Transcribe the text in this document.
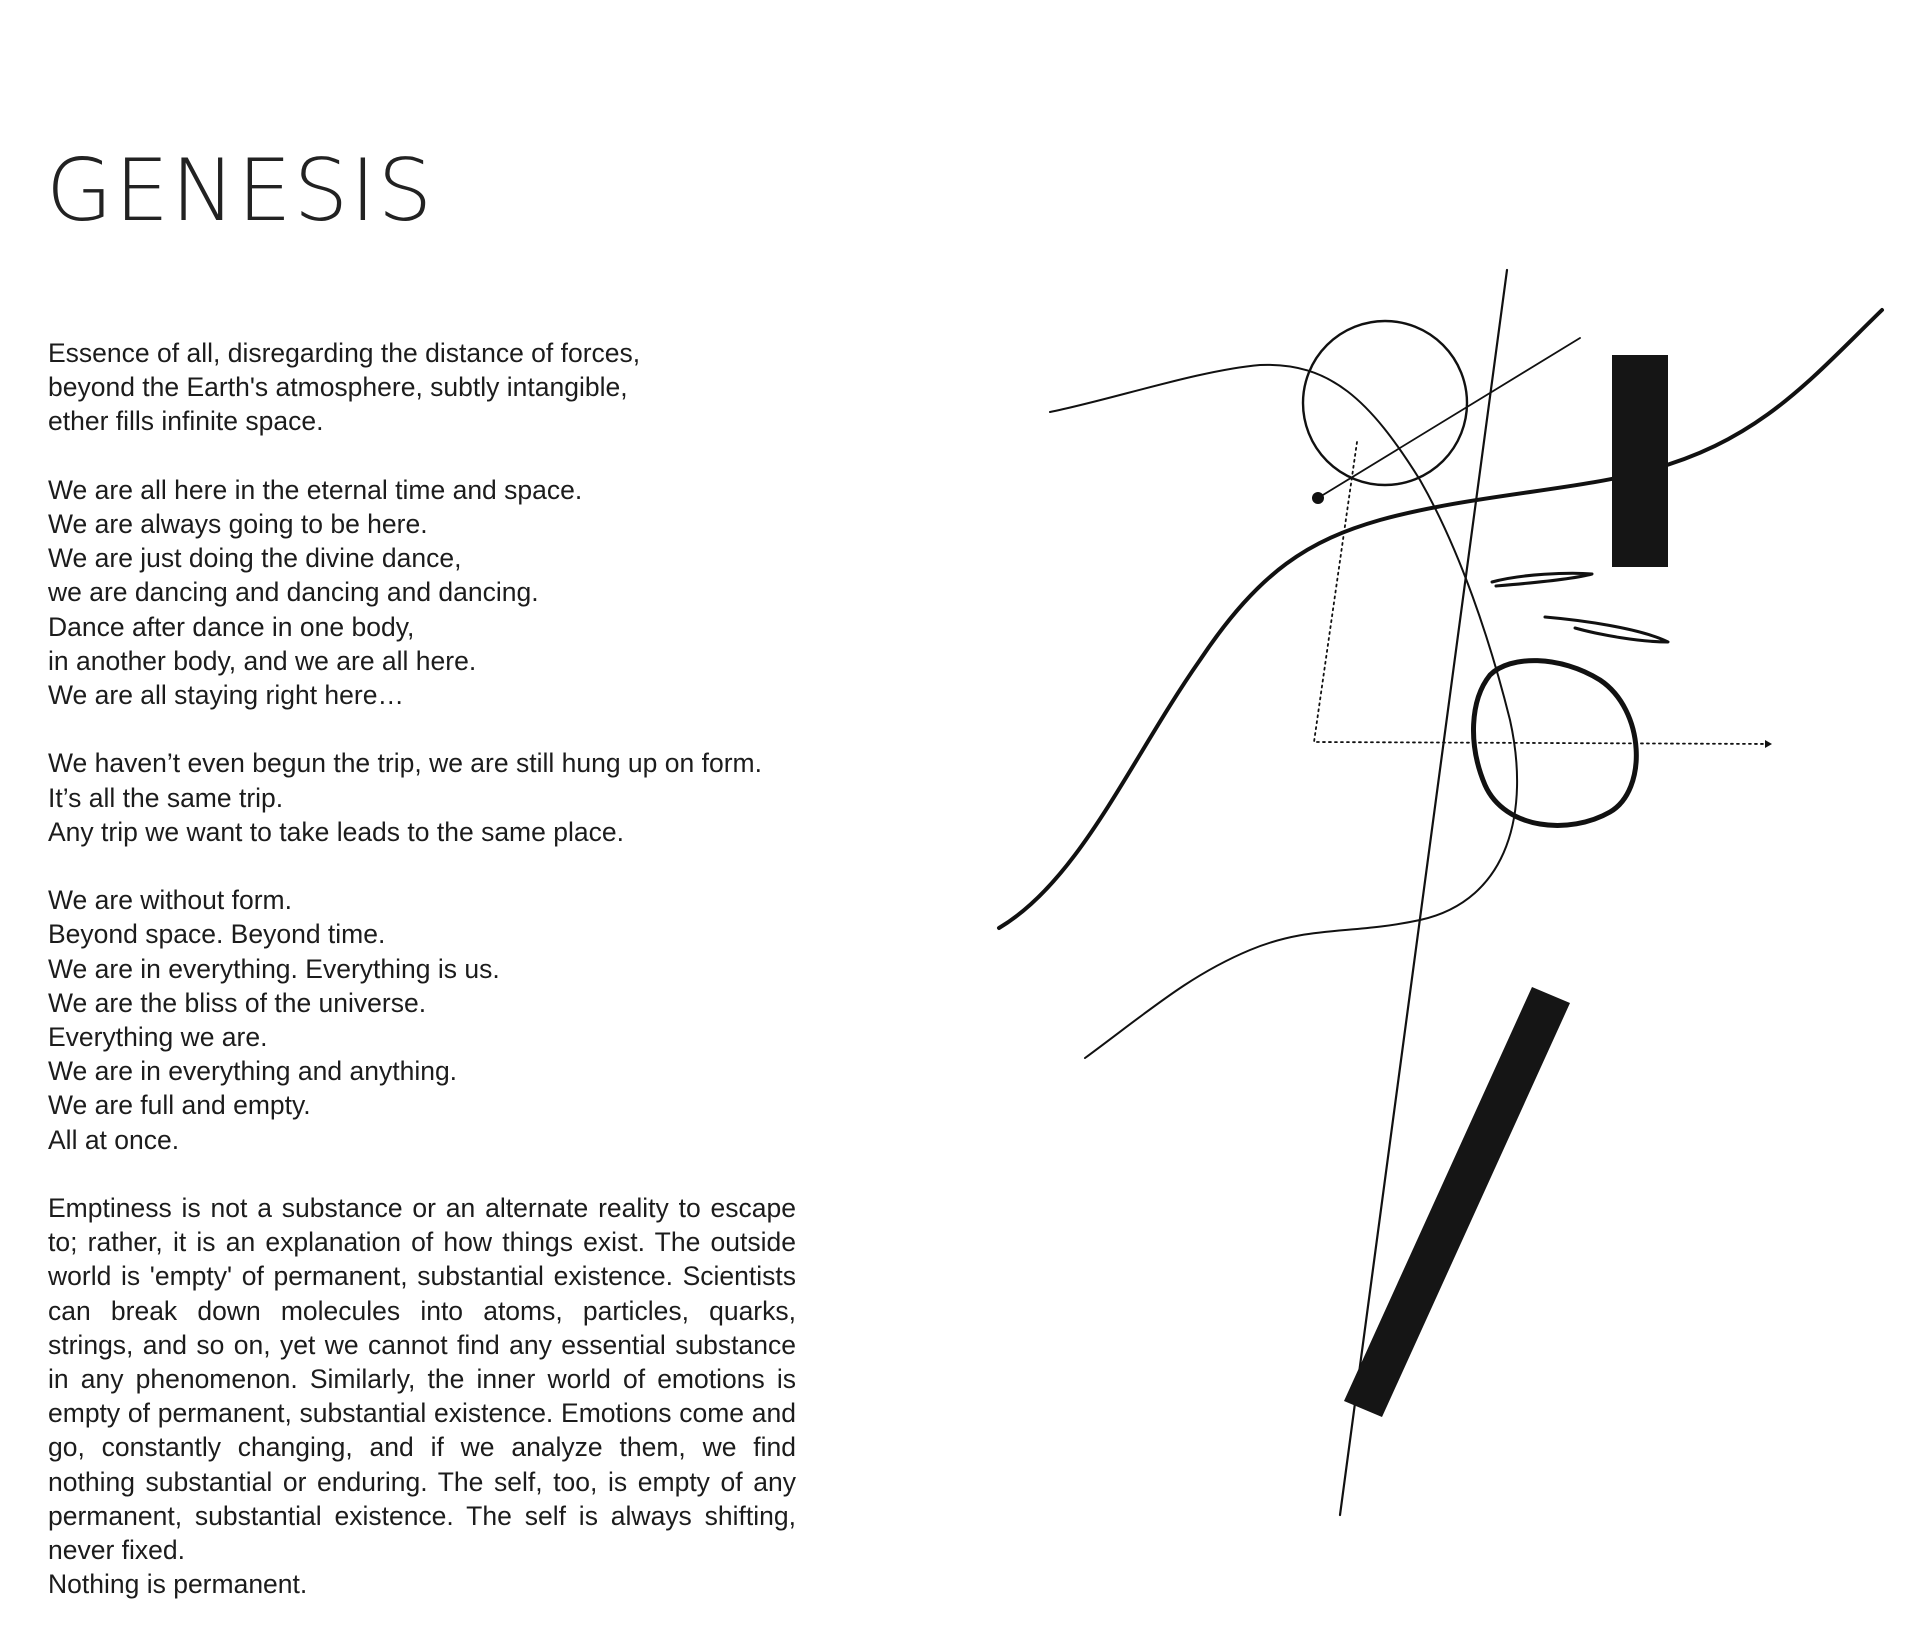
GENESIS
Essence of all, disregarding the distance of forces,
beyond the Earth's atmosphere, subtly intangible,
ether fills infinite space.
We are all here in the eternal time and space.
We are always going to be here.
We are just doing the divine dance,
we are dancing and dancing and dancing.
Dance after dance in one body,
in another body, and we are all here.
We are all staying right here…
We haven’t even begun the trip, we are still hung up on form.
It’s all the same trip.
Any trip we want to take leads to the same place.
We are without form.
Beyond space. Beyond time.
We are in everything. Everything is us.
We are the bliss of the universe.
Everything we are.
We are in everything and anything.
We are full and empty.
All at once.
Emptiness is not a substance or an alternate reality to escape to; rather, it is an explanation of how things exist. The outside world is 'empty' of permanent, substantial existence. Scientists can break down molecules into atoms, particles, quarks, strings, and so on, yet we cannot find any essential substance in any phenomenon. Similarly, the inner world of emotions is empty of permanent, substantial existence. Emotions come and go, constantly changing, and if we analyze them, we find nothing substantial or enduring. The self, too, is empty of any permanent, substantial existence. The self is always shifting, never fixed.
Nothing is permanent.
